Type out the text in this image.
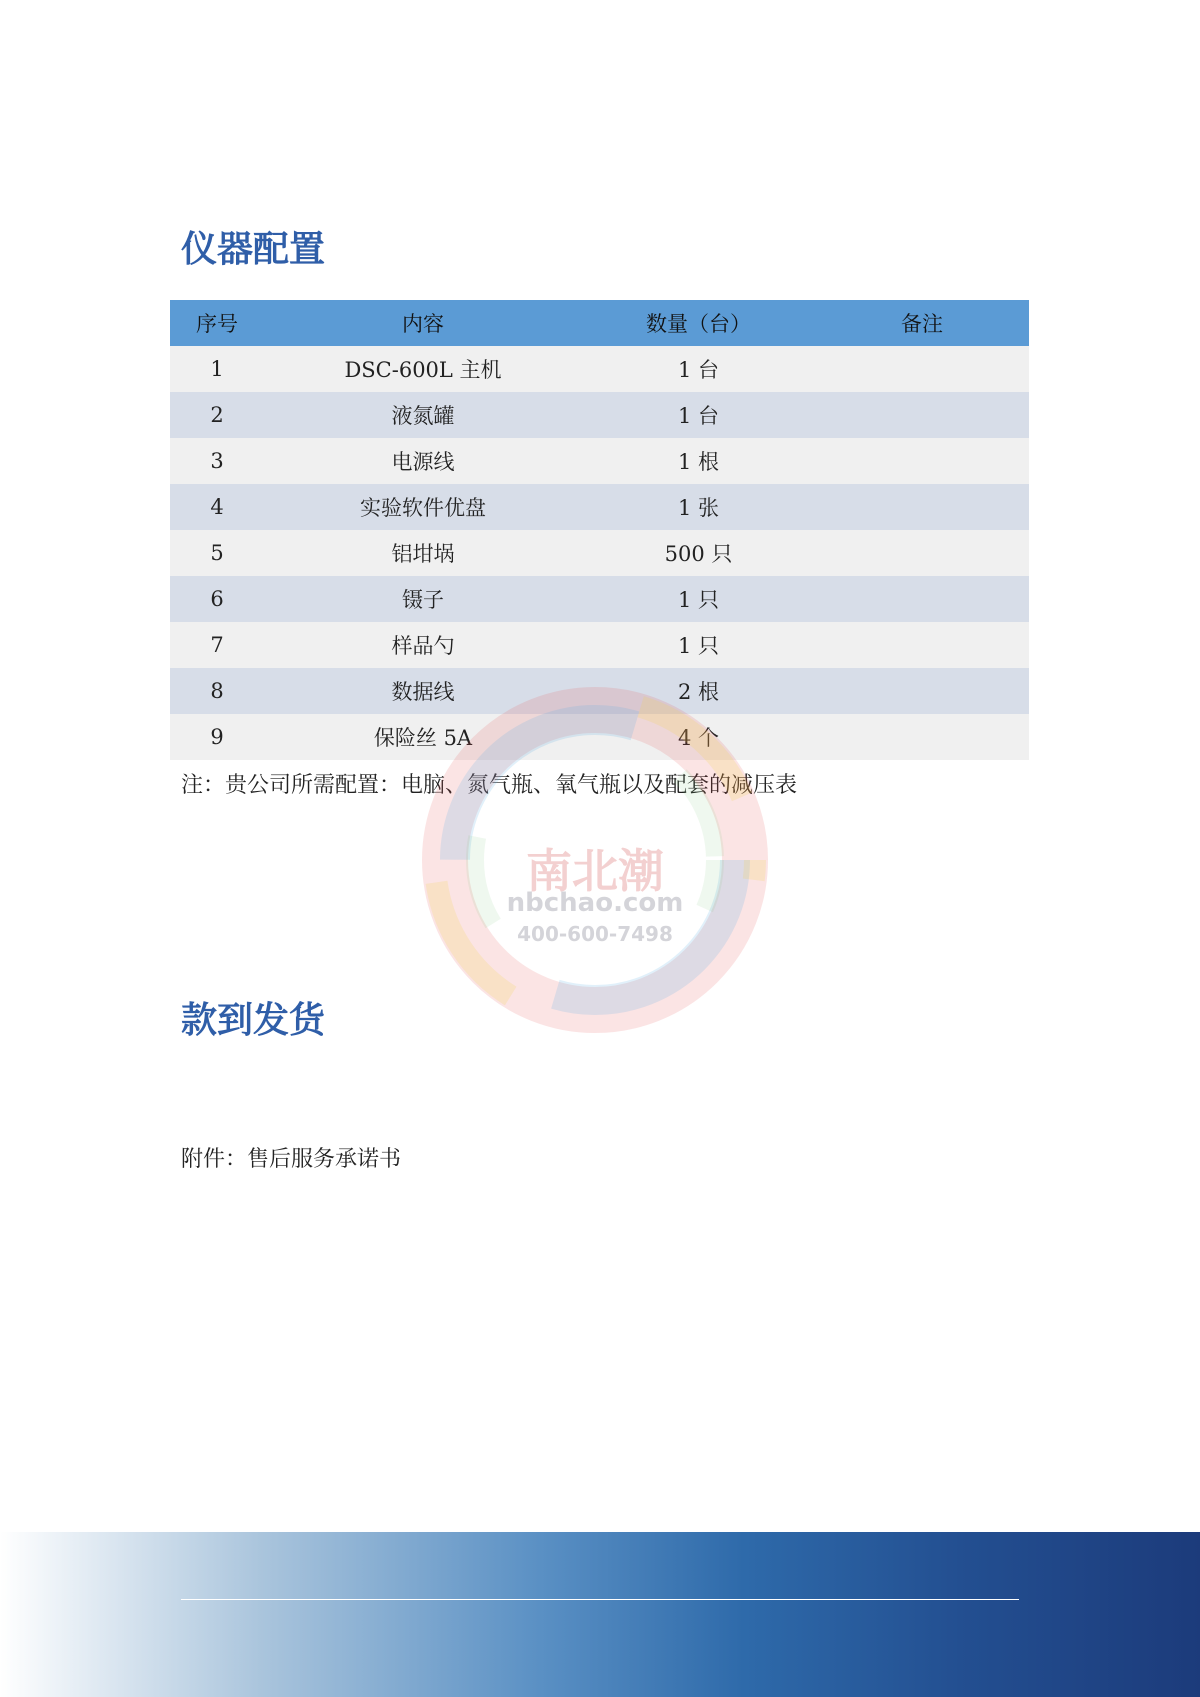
仪器配置
序号	内容	数量（台）	备注
1	DSC-600L 主机	1 台	
2	液氮罐	1 台	
3	电源线	1 根	
4	实验软件优盘	1 张	
5	铝坩埚	500 只	
6	镊子	1 只	
7	样品勺	1 只	
8	数据线	2 根	
9	保险丝 5A	4 个	

注：贵公司所需配置：电脑、氮气瓶、氧气瓶以及配套的减压表

南北潮
nbchao.com
400-600-7498
款到发货

附件：售后服务承诺书
